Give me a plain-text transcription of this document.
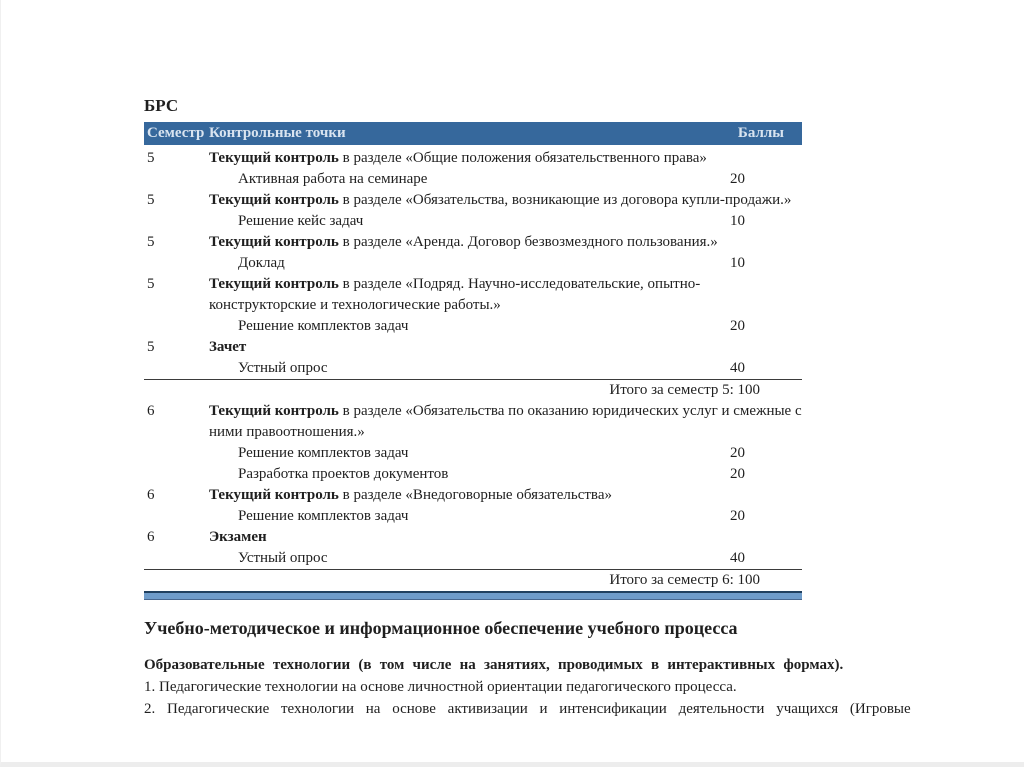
БРС
Семестр Контрольные точки	Баллы
5	Текущий контроль в разделе «Общие положения обязательственного права»
Активная работа на семинаре	20
5	Текущий контроль в разделе «Обязательства, возникающие из договора купли-продажи.»
Решение кейс задач	10
5	Текущий контроль в разделе «Аренда. Договор безвозмездного пользования.»
Доклад	10
5	Текущий контроль в разделе «Подряд. Научно-исследовательские, опытно-конструкторские и технологические работы.»
Решение комплектов задач	20
5	Зачет
Устный опрос	40
Итого за семестр 5: 100
6	Текущий контроль в разделе «Обязательства по оказанию юридических услуг и смежные с ними правоотношения.»
Решение комплектов задач	20
Разработка проектов документов	20
6	Текущий контроль в разделе «Внедоговорные обязательства»
Решение комплектов задач	20
6	Экзамен
Устный опрос	40
Итого за семестр 6: 100
Учебно-методическое и информационное обеспечение учебного процесса

Образовательные технологии (в том числе на занятиях, проводимых в интерактивных формах).

1. Педагогические технологии на основе личностной ориентации педагогического процесса.

2. Педагогические технологии на основе активизации и интенсификации деятельности учащихся (Игровые
